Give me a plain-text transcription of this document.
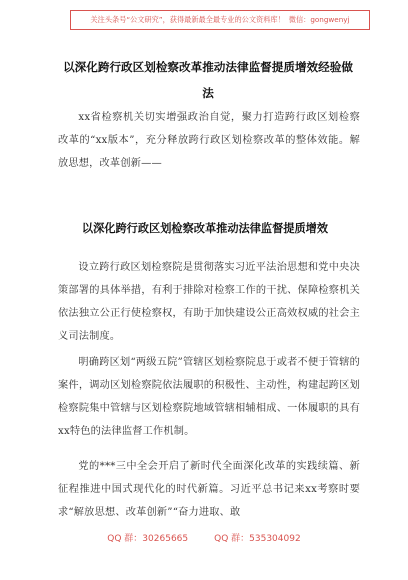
关注头条号“公文研究”，获得最新最全最专业的公文资料库！ 微信：gongwenyj
以深化跨行政区划检察改革推动法律监督提质增效经验做法

xx省检察机关切实增强政治自觉，聚力打造跨行政区划检察改革的“xx版本”，充分释放跨行政区划检察改革的整体效能。解放思想，改革创新——

以深化跨行政区划检察改革推动法律监督提质增效

设立跨行政区划检察院是贯彻落实习近平法治思想和党中央决策部署的具体举措，有利于排除对检察工作的干扰、保障检察机关依法独立公正行使检察权，有助于加快建设公正高效权威的社会主义司法制度。

明确跨区划“两级五院”管辖区划检察院息于或者不便于管辖的案件，调动区划检察院依法履职的积极性、主动性，构建起跨区划检察院集中管辖与区划检察院地域管辖相辅相成、一体履职的具有xx特色的法律监督工作机制。

党的***三中全会开启了新时代全面深化改革的实践续篇、新征程推进中国式现代化的时代新篇。习近平总书记来xx考察时要求“解放思想、改革创新”“奋力进取、敢

QQ 群：30265665	QQ 群：535304092
